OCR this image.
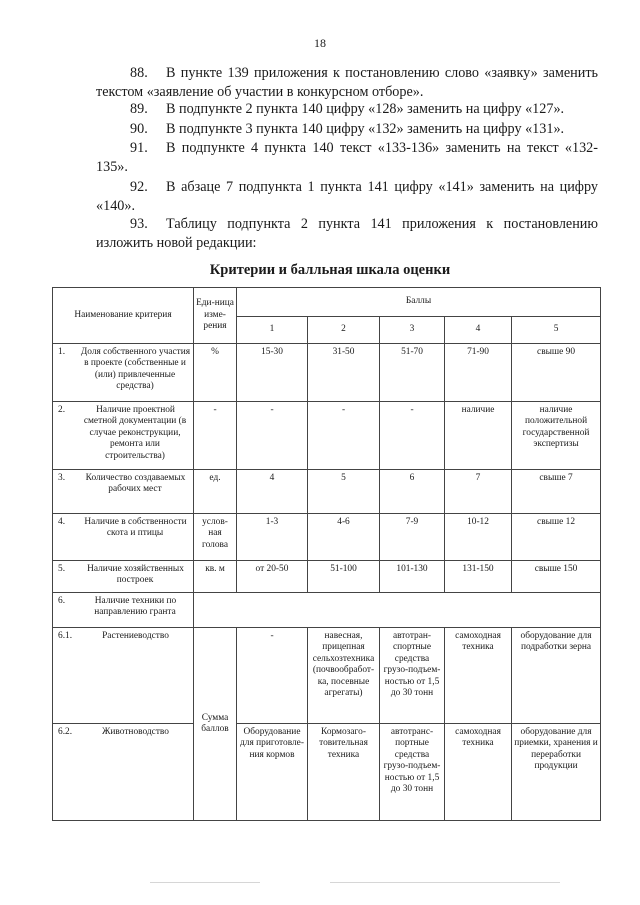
18
88. В пункте 139 приложения к постановлению слово «заявку» заменить текстом «заявление об участии в конкурсном отборе».
89. В подпункте 2 пункта 140 цифру «128» заменить на цифру «127».
90. В подпункте 3 пункта 140 цифру «132» заменить на цифру «131».
91. В подпункте 4 пункта 140 текст «133-136» заменить на текст «132-135».
92. В абзаце 7 подпункта 1 пункта 141 цифру «141» заменить на цифру «140».
93. Таблицу подпункта 2 пункта 141 приложения к постановлению изложить новой редакции:
Критерии и балльная шкала оценки
Наименование критерия	Еди-ница изме-рения	Баллы				
		1	2	3	4	5

1. Доля собственного участия в проекте (собственные и (или) привлеченные средства)	%	15-30	31-50	51-70	71-90	свыше 90

2. Наличие проектной сметной документации (в случае реконструкции, ремонта или строительства)	-	-	-	-	наличие	наличие положительной государственной экспертизы

3. Количество создаваемых рабочих мест	ед.	4	5	6	7	свыше 7

4. Наличие в собственности скота и птицы	услов-ная голова	1-3	4-6	7-9	10-12	свыше 12

5. Наличие хозяйственных построек	кв. м	от 20-50	51-100	101-130	131-150	свыше 150

6. Наличие техники по направлению гранта						

6.1. Растениеводство	Сумма баллов	-	навесная, прицепная сельхозтехника (почвообработ-ка, посевные агрегаты)	автотран-спортные средства грузо-подъем-ностью от 1,5 до 30 тонн	самоходная техника	оборудование для подработки зерна

6.2. Животноводство		Оборудование для приготовле-ния кормов	Кормозаго-товительная техника	автотранс-портные средства грузо-подъем-ностью от 1,5 до 30 тонн	самоходная техника	оборудование для приемки, хранения и переработки продукции
